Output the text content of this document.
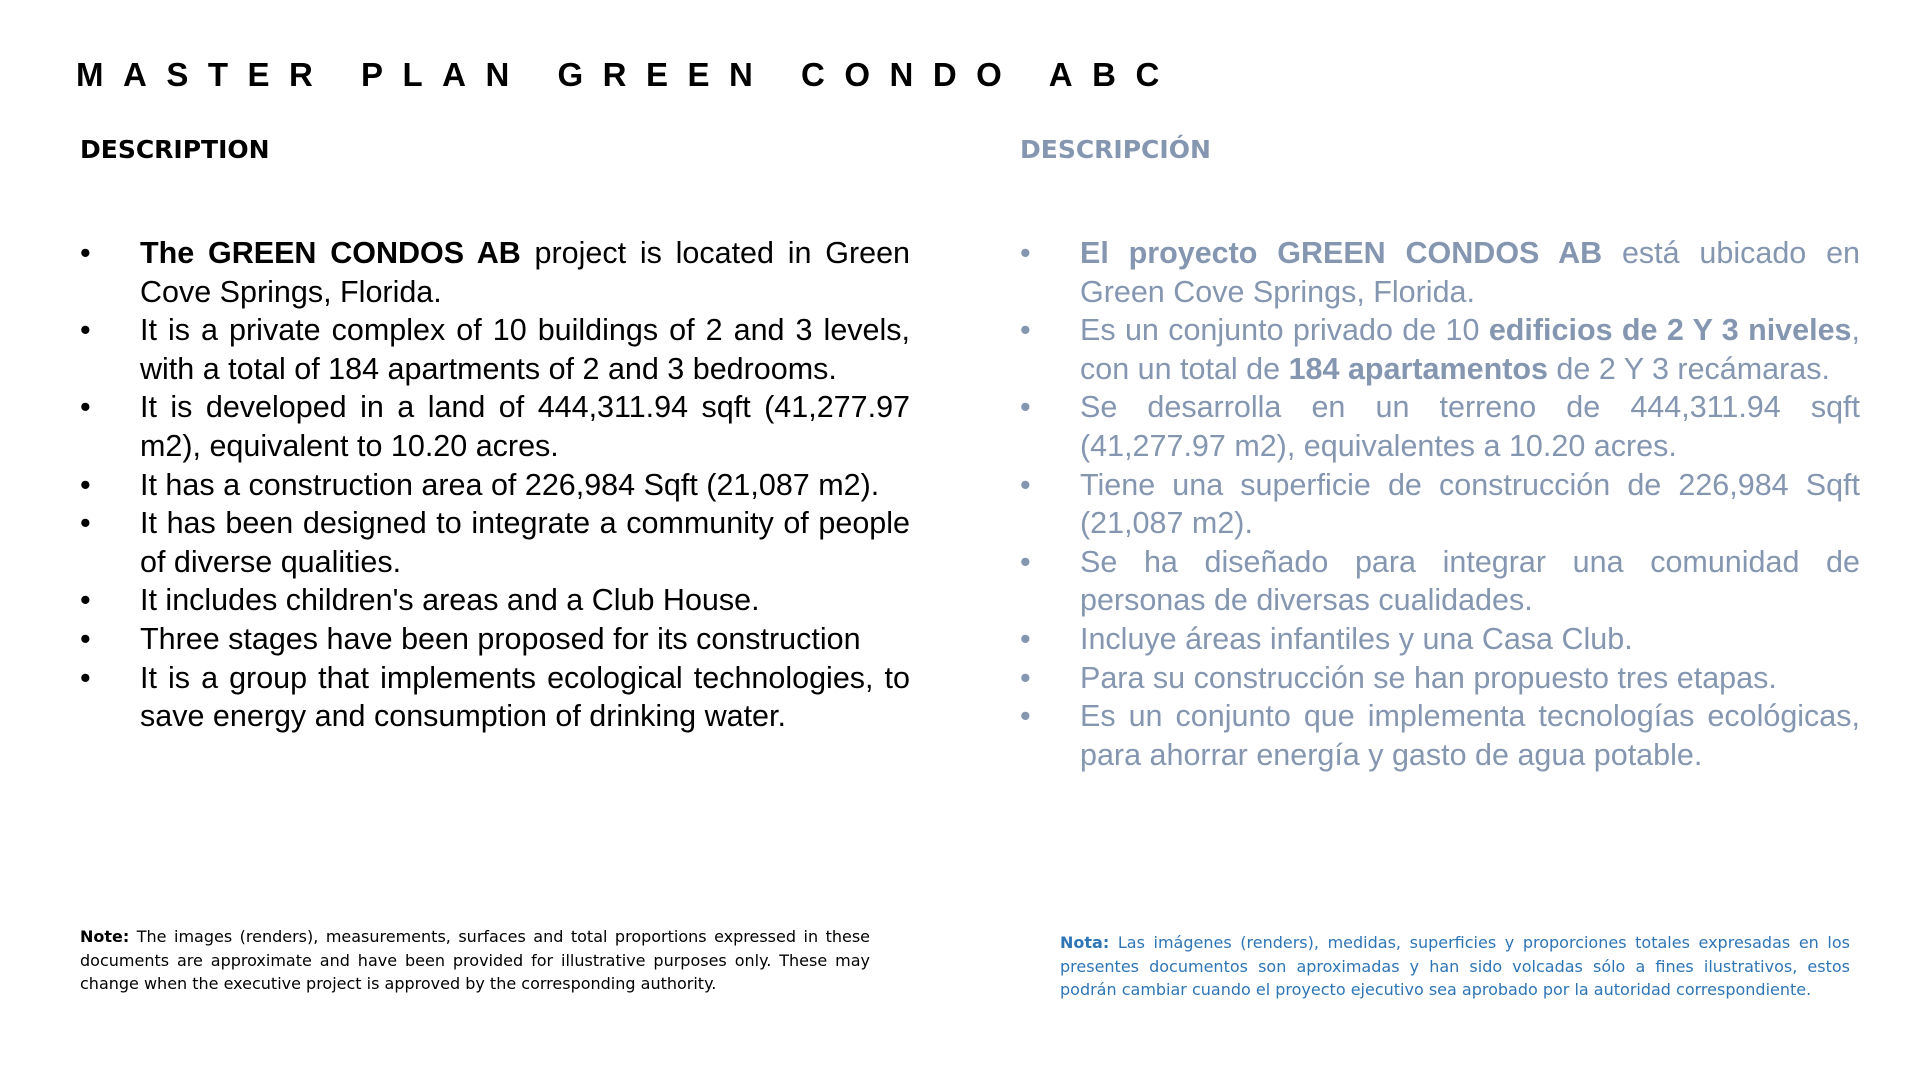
MASTER PLAN GREEN CONDO ABC
DESCRIPTION
•	The GREEN CONDOS AB project is located in Green Cove Springs, Florida.
•	It is a private complex of 10 buildings of 2 and 3 levels, with a total of 184 apartments of 2 and 3 bedrooms.
•	It is developed in a land of 444,311.94 sqft (41,277.97 m2), equivalent to 10.20 acres.
•	It has a construction area of 226,984 Sqft (21,087 m2).
•	It has been designed to integrate a community of people of diverse qualities.
•	It includes children's areas and a Club House.
•	Three stages have been proposed for its construction
•	It is a group that implements ecological technologies, to save energy and consumption of drinking water.
DESCRIPCIÓN
•	El proyecto GREEN CONDOS AB está ubicado en Green Cove Springs, Florida.
•	Es un conjunto privado de 10 edificios de 2 Y 3 niveles, con un total de 184 apartamentos de 2 Y 3 recámaras.
•	Se desarrolla en un terreno de 444,311.94 sqft (41,277.97 m2), equivalentes a 10.20 acres.
•	Tiene una superficie de construcción de 226,984 Sqft (21,087 m2).
•	Se ha diseñado para integrar una comunidad de personas de diversas cualidades.
•	Incluye áreas infantiles y una Casa Club.
•	Para su construcción se han propuesto tres etapas.
•	Es un conjunto que implementa tecnologías ecológicas, para ahorrar energía y gasto de agua potable.
Note: The images (renders), measurements, surfaces and total proportions expressed in these documents are approximate and have been provided for illustrative purposes only. These may change when the executive project is approved by the corresponding authority.
Nota: Las imágenes (renders), medidas, superficies y proporciones totales expresadas en los presentes documentos son aproximadas y han sido volcadas sólo a fines ilustrativos, estos podrán cambiar cuando el proyecto ejecutivo sea aprobado por la autoridad correspondiente.
